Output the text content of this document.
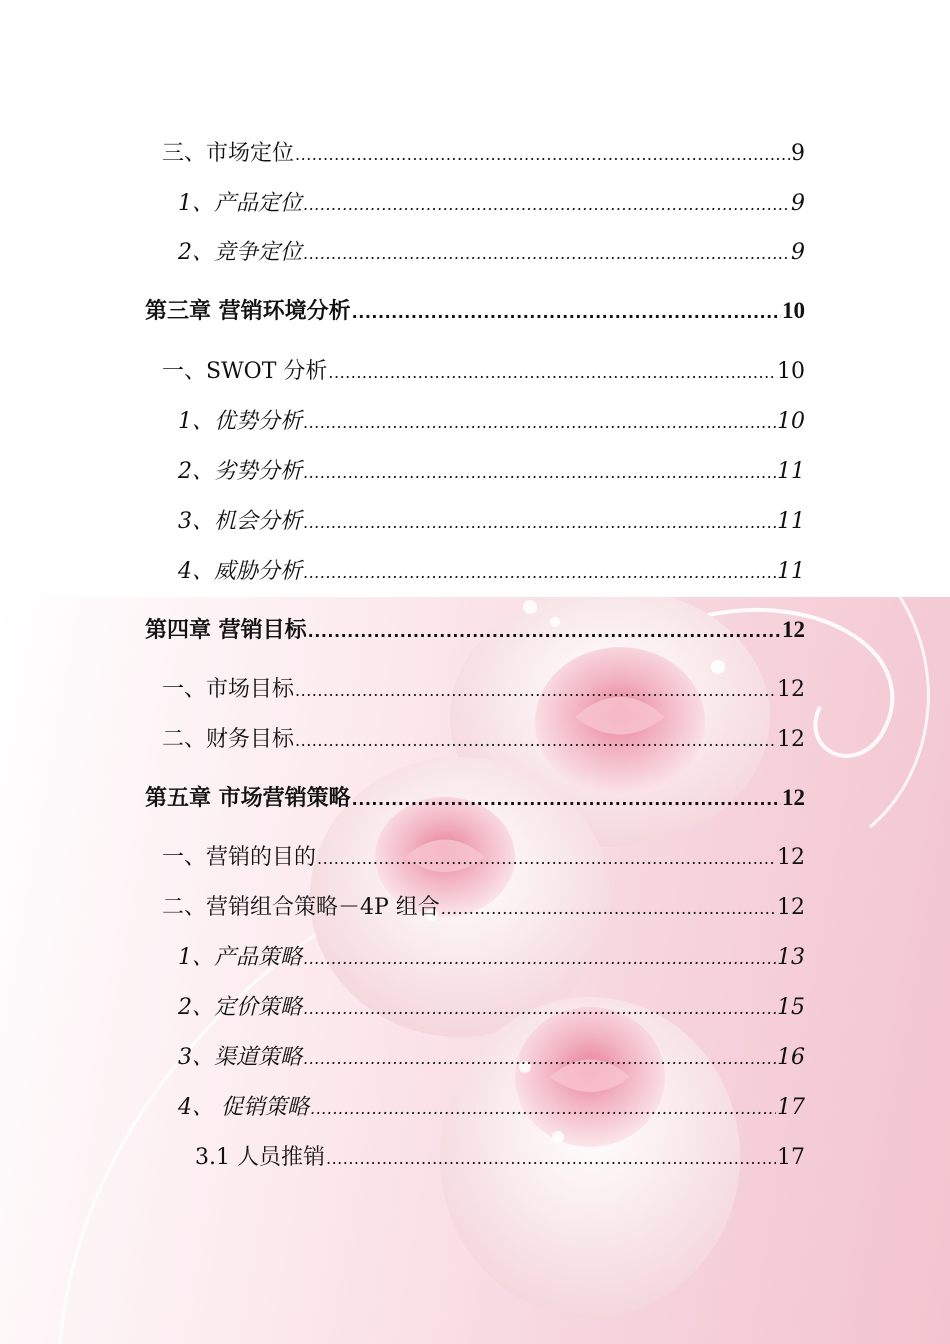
三、市场定位 .....	9
1、产品定位 .....	9
2、竞争定位 .....	9
第三章 营销环境分析 .....	10
一、SWOT 分析 .....	10
1、优势分析 .....	10
2、劣势分析 .....	11
3、机会分析 .....	11
4、威胁分析 .....	11
第四章 营销目标 .....	12
一、市场目标 .....	12
二、财务目标 .....	12
第五章 市场营销策略 .....	12
一、营销的目的 .....	12
二、营销组合策略－4P 组合 .....	12
1、产品策略 .....	13
2、定价策略 .....	15
3、渠道策略 .....	16
4、 促销策略 .....	17
3.1 人员推销 .....	17
